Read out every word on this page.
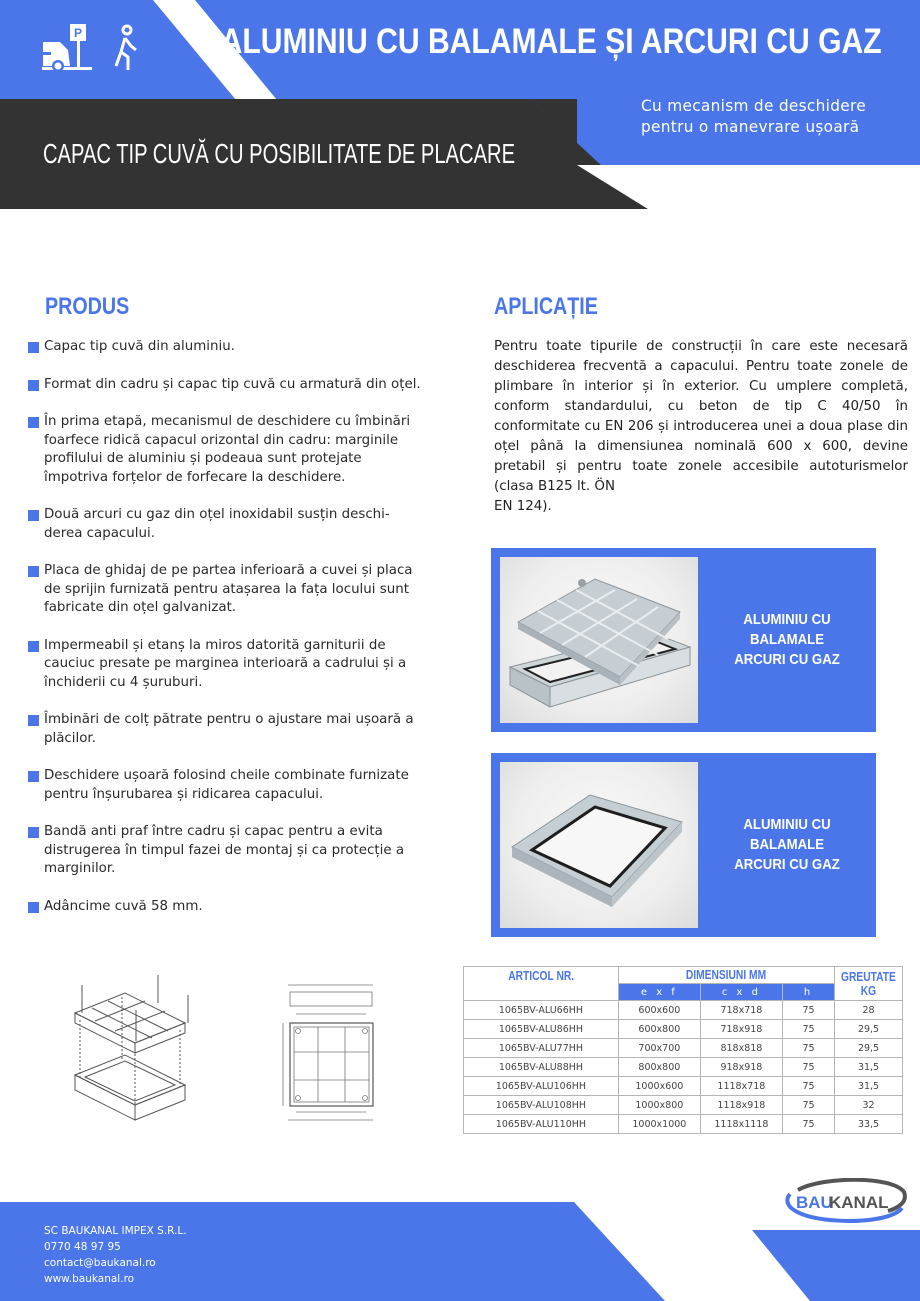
P	ALUMINIU CU BALAMALE ȘI ARCURI CU GAZ
Cu mecanism de deschidere
pentru o manevrare ușoară
CAPAC TIP CUVĂ CU POSIBILITATE DE PLACARE
PRODUS
Capac tip cuvă din aluminiu.
Format din cadru și capac tip cuvă cu armatură din oțel.
În prima etapă, mecanismul de deschidere cu îmbinări foarfece ridică capacul orizontal din cadru: marginile profilului de aluminiu și podeaua sunt protejate împotriva forțelor de forfecare la deschidere.
Două arcuri cu gaz din oțel inoxidabil susțin deschi-derea capacului.
Placa de ghidaj de pe partea inferioară a cuvei și placa de sprijin furnizată pentru atașarea la fața locului sunt fabricate din oțel galvanizat.
Impermeabil și etanș la miros datorită garniturii de cauciuc presate pe marginea interioară a cadrului și a închiderii cu 4 șuruburi.
Îmbinări de colț pătrate pentru o ajustare mai ușoară a plăcilor.
Deschidere ușoară folosind cheile combinate furnizate pentru înșurubarea și ridicarea capacului.
Bandă anti praf între cadru și capac pentru a evita distrugerea în timpul fazei de montaj și ca protecție a marginilor.
Adâncime cuvă 58 mm.
APLICAȚIE
Pentru toate tipurile de construcții în care este necesară deschiderea frecventă a capacului. Pentru toate zonele de plimbare în interior și în exterior. Cu umplere completă, conform standardului, cu beton de tip C 40/50 în conformitate cu EN 206 și introducerea unei a doua plase din oțel până la dimensiunea nominală 600 x 600, devine pretabil și pentru toate zonele accesibile autoturismelor (clasa B125 lt. ÖN
EN 124).
ALUMINIU CU BALAMALE
ARCURI CU GAZ
ALUMINIU CU BALAMALE
ARCURI CU GAZ
ARTICOL NR.	DIMENSIUNI MM			GREUTATE
KG
	e x f	c x d	h	
1065BV-ALU66HH	600x600	718x718	75	28
1065BV-ALU86HH	600x800	718x918	75	29,5
1065BV-ALU77HH	700x700	818x818	75	29,5
1065BV-ALU88HH	800x800	918x918	75	31,5
1065BV-ALU106HH	1000x600	1118x718	75	31,5
1065BV-ALU108HH	1000x800	1118x918	75	32
1065BV-ALU110HH	1000x1000	1118x1118	75	33,5
SC BAUKANAL IMPEX S.R.L.
0770 48 97 95
contact@baukanal.ro
www.baukanal.ro
BAU
KANAL
